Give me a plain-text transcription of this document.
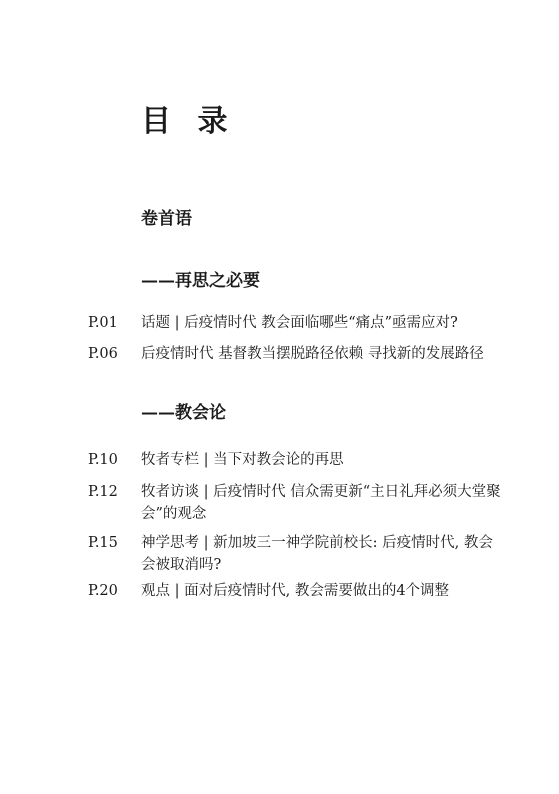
目 录
卷首语
——再思之必要
P.01 话题 | 后疫情时代 教会面临哪些“痛点”亟需应对?
P.06 后疫情时代 基督教当摆脱路径依赖 寻找新的发展路径
——教会论
P.10 牧者专栏 | 当下对教会论的再思
P.12 牧者访谈 | 后疫情时代 信众需更新“主日礼拜必须大堂聚会”的观念
P.15 神学思考 | 新加坡三一神学院前校长: 后疫情时代, 教会会被取消吗?
P.20 观点 | 面对后疫情时代, 教会需要做出的4个调整
